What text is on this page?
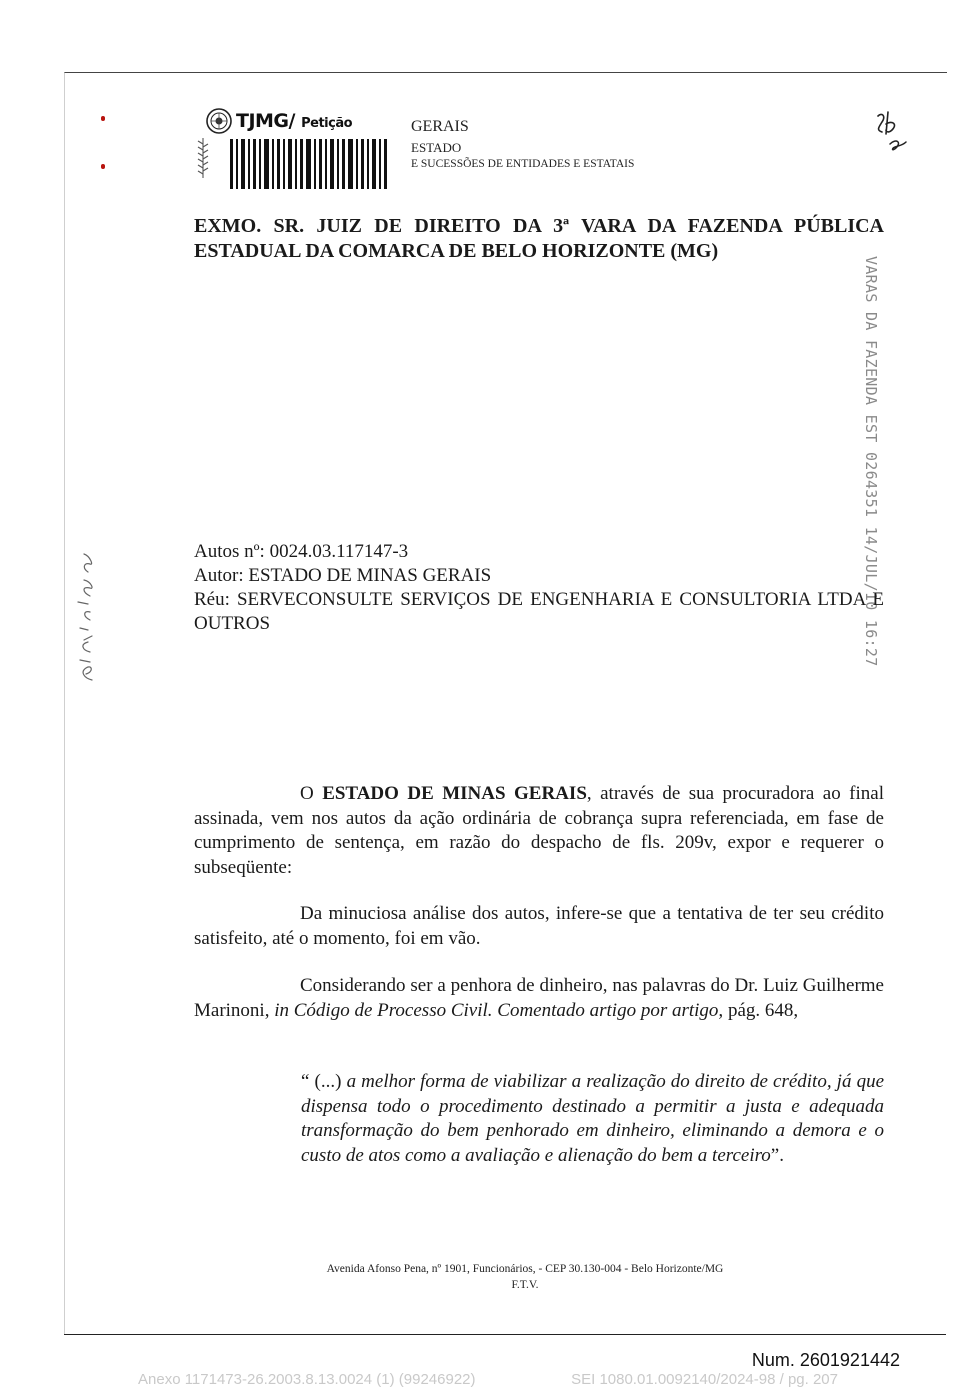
TJMG/ Petição	GERAIS
ESTADO
E SUCESSÕES DE ENTIDADES E ESTATAIS
EXMO. SR. JUIZ DE DIREITO DA 3ª VARA DA FAZENDA PÚBLICA
ESTADUAL DA COMARCA DE BELO HORIZONTE (MG)
VARAS DA FAZENDA EST 0264351 14/JUL/10 16:27
Autos nº: 0024.03.117147-3
Autor: ESTADO DE MINAS GERAIS
Réu: SERVECONSULTE SERVIÇOS DE ENGENHARIA E CONSULTORIA LTDA E OUTROS
O ESTADO DE MINAS GERAIS, através de sua procuradora ao final assinada, vem nos autos da ação ordinária de cobrança supra referenciada, em fase de cumprimento de sentença, em razão do despacho de fls. 209v, expor e requerer o subseqüente:
Da minuciosa análise dos autos, infere-se que a tentativa de ter seu crédito satisfeito, até o momento, foi em vão.
Considerando ser a penhora de dinheiro, nas palavras do Dr. Luiz Guilherme Marinoni, in Código de Processo Civil. Comentado artigo por artigo, pág. 648,
“ (...) a melhor forma de viabilizar a realização do direito de crédito, já que dispensa todo o procedimento destinado a permitir a justa e adequada transformação do bem penhorado em dinheiro, eliminando a demora e o custo de atos como a avaliação e alienação do bem a terceiro”.
Avenida Afonso Pena, nº 1901, Funcionários, - CEP 30.130-004 - Belo Horizonte/MG
F.T.V.
Num. 2601921442
Anexo 1171473-26.2003.8.13.0024 (1) (99246922)	SEI 1080.01.0092140/2024-98 / pg. 207
